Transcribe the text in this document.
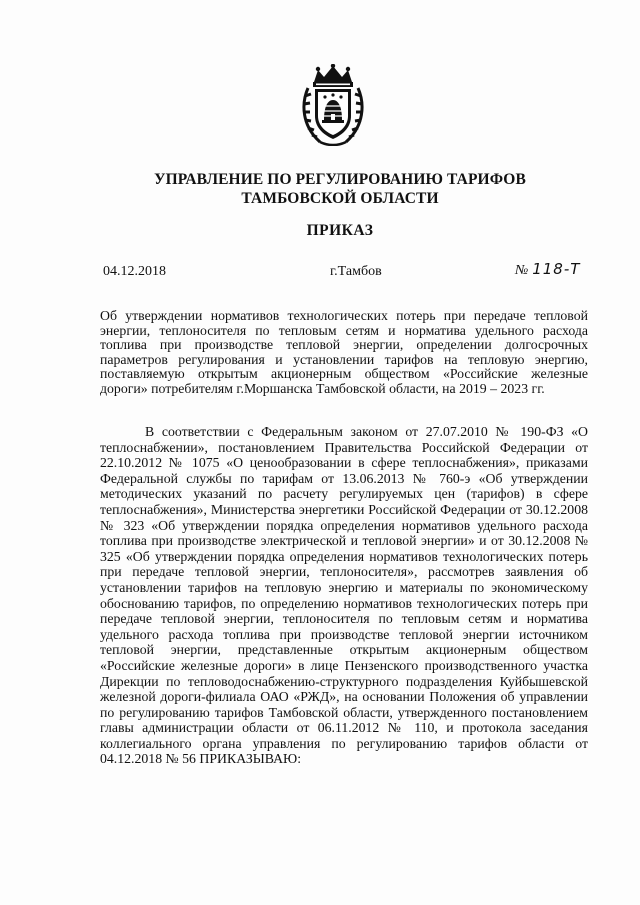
УПРАВЛЕНИЕ ПО РЕГУЛИРОВАНИЮ ТАРИФОВ
ТАМБОВСКОЙ ОБЛАСТИ
ПРИКАЗ
04.12.2018	г.Тамбов	№ 118-Т
Об утверждении нормативов технологических потерь при передаче тепловой энергии, теплоносителя по тепловым сетям и норматива удельного расхода топлива при производстве тепловой энергии, определении долгосрочных параметров регулирования и установлении тарифов на тепловую энергию, поставляемую открытым акционерным обществом «Российские железные дороги» потребителям г.Моршанска Тамбовской области, на 2019 – 2023 гг.

В соответствии с Федеральным законом от 27.07.2010 № 190-ФЗ «О теплоснабжении», постановлением Правительства Российской Федерации от 22.10.2012 № 1075 «О ценообразовании в сфере теплоснабжения», приказами Федеральной службы по тарифам от 13.06.2013 № 760-э «Об утверждении методических указаний по расчету регулируемых цен (тарифов) в сфере теплоснабжения», Министерства энергетики Российской Федерации от 30.12.2008 № 323 «Об утверждении порядка определения нормативов удельного расхода топлива при производстве электрической и тепловой энергии» и от 30.12.2008 № 325 «Об утверждении порядка определения нормативов технологических потерь при передаче тепловой энергии, теплоносителя», рассмотрев заявления об установлении тарифов на тепловую энергию и материалы по экономическому обоснованию тарифов, по определению нормативов технологических потерь при передаче тепловой энергии, теплоносителя по тепловым сетям и норматива удельного расхода топлива при производстве тепловой энергии источником тепловой энергии, представленные открытым акционерным обществом «Российские железные дороги» в лице Пензенского производственного участка Дирекции по тепловодоснабжению-структурного подразделения Куйбышевской железной дороги-филиала ОАО «РЖД», на основании Положения об управлении по регулированию тарифов Тамбовской области, утвержденного постановлением главы администрации области от 06.11.2012 № 110, и протокола заседания коллегиального органа управления по регулированию тарифов области от 04.12.2018 № 56 ПРИКАЗЫВАЮ:
